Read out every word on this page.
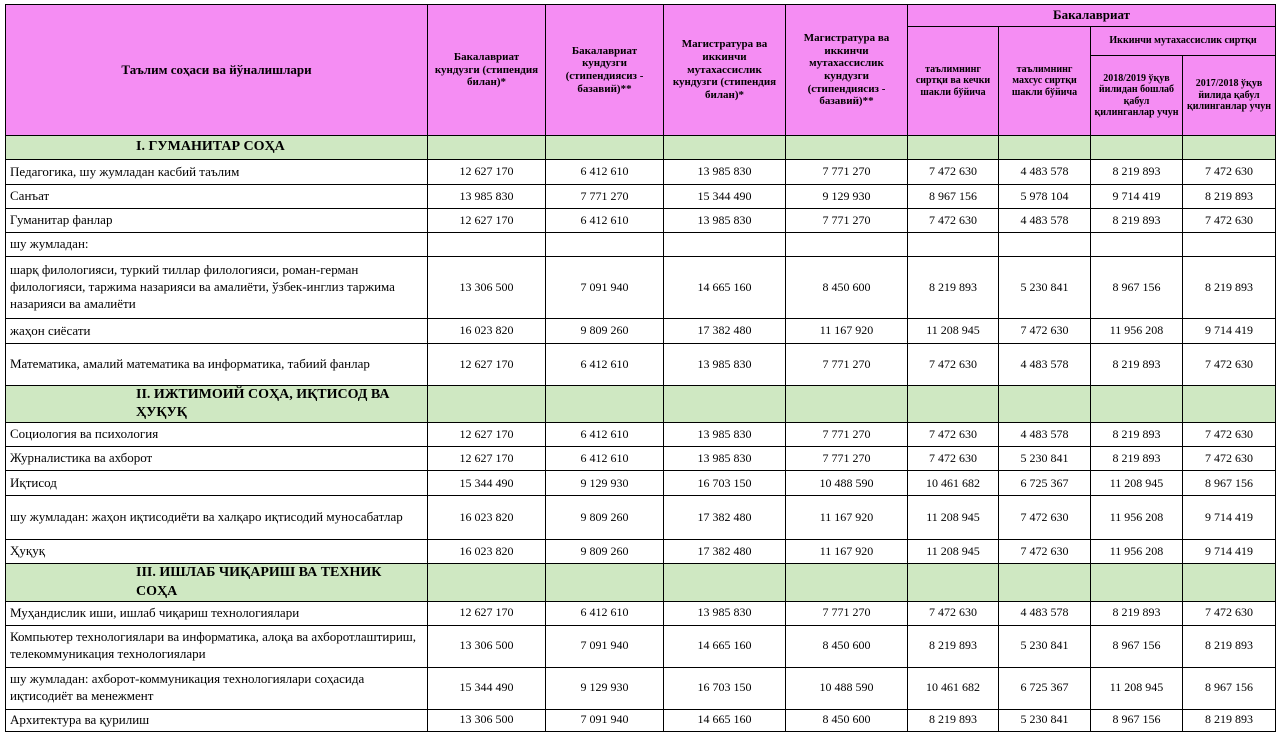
Таълим соҳаси ва йўналишлари	Бакалавриат кундузги (стипендия билан)*	Бакалавриат кундузги (стипендиясиз - базавий)**	Магистратура ва иккинчи мутахассислик кундузги (стипендия билан)*	Магистратура ва иккинчи мутахассислик кундузги (стипендиясиз - базавий)**	Бакалавриат			
					таълимнинг сиртқи ва кечки шакли бўйича	таълимнинг махсус сиртқи шакли бўйича	Иккинчи мутахассислик сиртқи	
							2018/2019 ўқув йилидан бошлаб қабул қилинганлар учун	2017/2018 ўқув йилида қабул қилинганлар учун
I. ГУМАНИТАР СОҲА								
Педагогика, шу жумладан касбий таълим	12 627 170	6 412 610	13 985 830	7 771 270	7 472 630	4 483 578	8 219 893	7 472 630
Санъат	13 985 830	7 771 270	15 344 490	9 129 930	8 967 156	5 978 104	9 714 419	8 219 893
Гуманитар фанлар	12 627 170	6 412 610	13 985 830	7 771 270	7 472 630	4 483 578	8 219 893	7 472 630
шу жумладан:								
шарқ филологияси, туркий тиллар филологияси, роман-герман филологияси, таржима назарияси ва амалиёти, ўзбек-инглиз таржима назарияси ва амалиёти	13 306 500	7 091 940	14 665 160	8 450 600	8 219 893	5 230 841	8 967 156	8 219 893
жаҳон сиёсати	16 023 820	9 809 260	17 382 480	11 167 920	11 208 945	7 472 630	11 956 208	9 714 419
Математика, амалий математика ва информатика, табиий фанлар	12 627 170	6 412 610	13 985 830	7 771 270	7 472 630	4 483 578	8 219 893	7 472 630
II. ИЖТИМОИЙ СОҲА, ИҚТИСОД ВА ҲУҚУҚ								
Социология ва психология	12 627 170	6 412 610	13 985 830	7 771 270	7 472 630	4 483 578	8 219 893	7 472 630
Журналистика ва ахборот	12 627 170	6 412 610	13 985 830	7 771 270	7 472 630	5 230 841	8 219 893	7 472 630
Иқтисод	15 344 490	9 129 930	16 703 150	10 488 590	10 461 682	6 725 367	11 208 945	8 967 156
шу жумладан: жаҳон иқтисодиёти ва халқаро иқтисодий муносабатлар	16 023 820	9 809 260	17 382 480	11 167 920	11 208 945	7 472 630	11 956 208	9 714 419
Ҳуқуқ	16 023 820	9 809 260	17 382 480	11 167 920	11 208 945	7 472 630	11 956 208	9 714 419
III. ИШЛАБ ЧИҚАРИШ ВА ТЕХНИК СОҲА								
Муҳандислик иши, ишлаб чиқариш технологиялари	12 627 170	6 412 610	13 985 830	7 771 270	7 472 630	4 483 578	8 219 893	7 472 630
Компьютер технологиялари ва информатика, алоқа ва ахборотлаштириш, телекоммуникация технологиялари	13 306 500	7 091 940	14 665 160	8 450 600	8 219 893	5 230 841	8 967 156	8 219 893
шу жумладан: ахборот-коммуникация технологиялари соҳасида иқтисодиёт ва менежмент	15 344 490	9 129 930	16 703 150	10 488 590	10 461 682	6 725 367	11 208 945	8 967 156
Архитектура ва қурилиш	13 306 500	7 091 940	14 665 160	8 450 600	8 219 893	5 230 841	8 967 156	8 219 893
